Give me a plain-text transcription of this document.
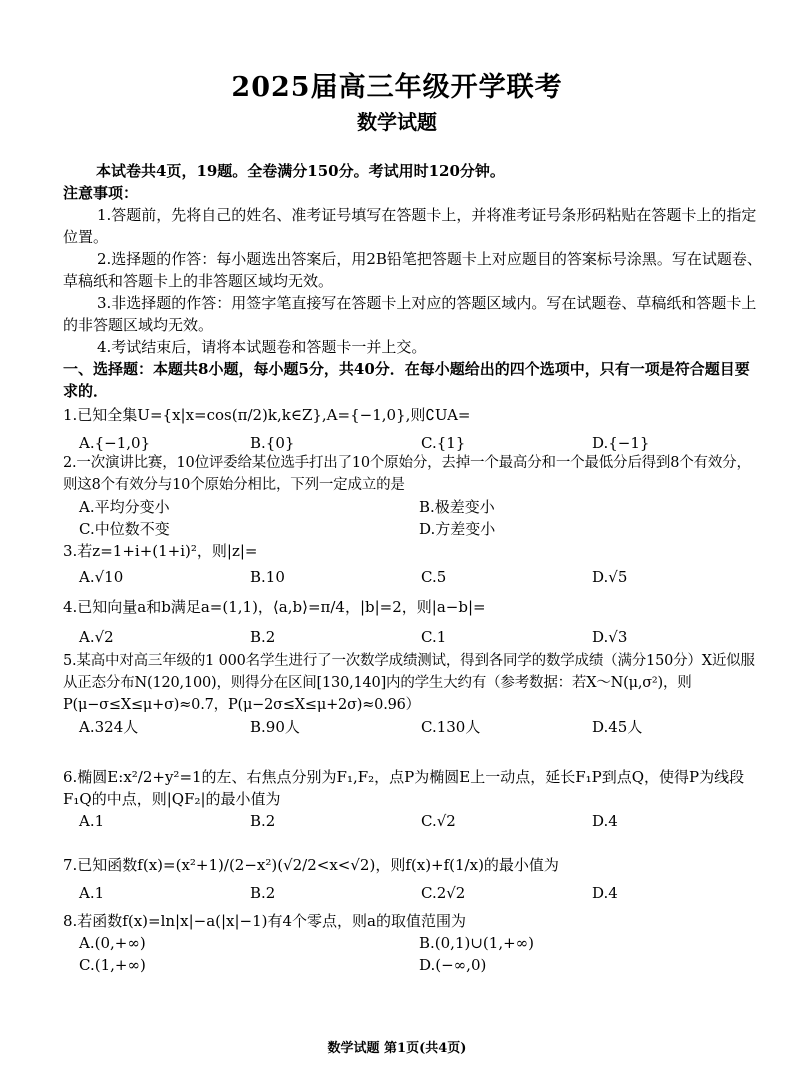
2025届高三年级开学联考
数学试题
本试卷共4页，19题。全卷满分150分。考试用时120分钟。
注意事项：
1.答题前，先将自己的姓名、准考证号填写在答题卡上，并将准考证号条形码粘贴在答题卡上的指定位置。
2.选择题的作答：每小题选出答案后，用2B铅笔把答题卡上对应题目的答案标号涂黑。写在试题卷、草稿纸和答题卡上的非答题区域均无效。
3.非选择题的作答：用签字笔直接写在答题卡上对应的答题区域内。写在试题卷、草稿纸和答题卡上的非答题区域均无效。
4.考试结束后，请将本试题卷和答题卡一并上交。
一、选择题：本题共8小题，每小题5分，共40分．在每小题给出的四个选项中，只有一项是符合题目要求的．
1.已知全集U={x|x=cos(π/2)k,k∈Z},A={−1,0},则∁UA=
A.{−1,0}	B.{0}	C.{1}	D.{−1}
2.一次演讲比赛，10位评委给某位选手打出了10个原始分，去掉一个最高分和一个最低分后得到8个有效分，则这8个有效分与10个原始分相比，下列一定成立的是
A.平均分变小	B.极差变小
C.中位数不变	D.方差变小
3.若z=1+i+(1+i)²，则|z|=
A.√10	B.10	C.5	D.√5
4.已知向量a和b满足a=(1,1)，⟨a,b⟩=π/4，|b|=2，则|a−b|=
A.√2	B.2	C.1	D.√3
5.某高中对高三年级的1 000名学生进行了一次数学成绩测试，得到各同学的数学成绩（满分150分）X近似服从正态分布N(120,100)，则得分在区间[130,140]内的学生大约有（参考数据：若X～N(μ,σ²)，则P(μ−σ≤X≤μ+σ)≈0.7，P(μ−2σ≤X≤μ+2σ)≈0.96）
A.324人	B.90人	C.130人	D.45人
6.椭圆E:x²/2+y²=1的左、右焦点分别为F₁,F₂，点P为椭圆E上一动点，延长F₁P到点Q，使得P为线段F₁Q的中点，则|QF₂|的最小值为
A.1	B.2	C.√2	D.4
7.已知函数f(x)=(x²+1)/(2−x²)(√2/2<x<√2)，则f(x)+f(1/x)的最小值为
A.1	B.2	C.2√2	D.4
8.若函数f(x)=ln|x|−a(|x|−1)有4个零点，则a的取值范围为
A.(0,+∞)	B.(0,1)∪(1,+∞)
C.(1,+∞)	D.(−∞,0)
数学试题 第1页(共4页)
